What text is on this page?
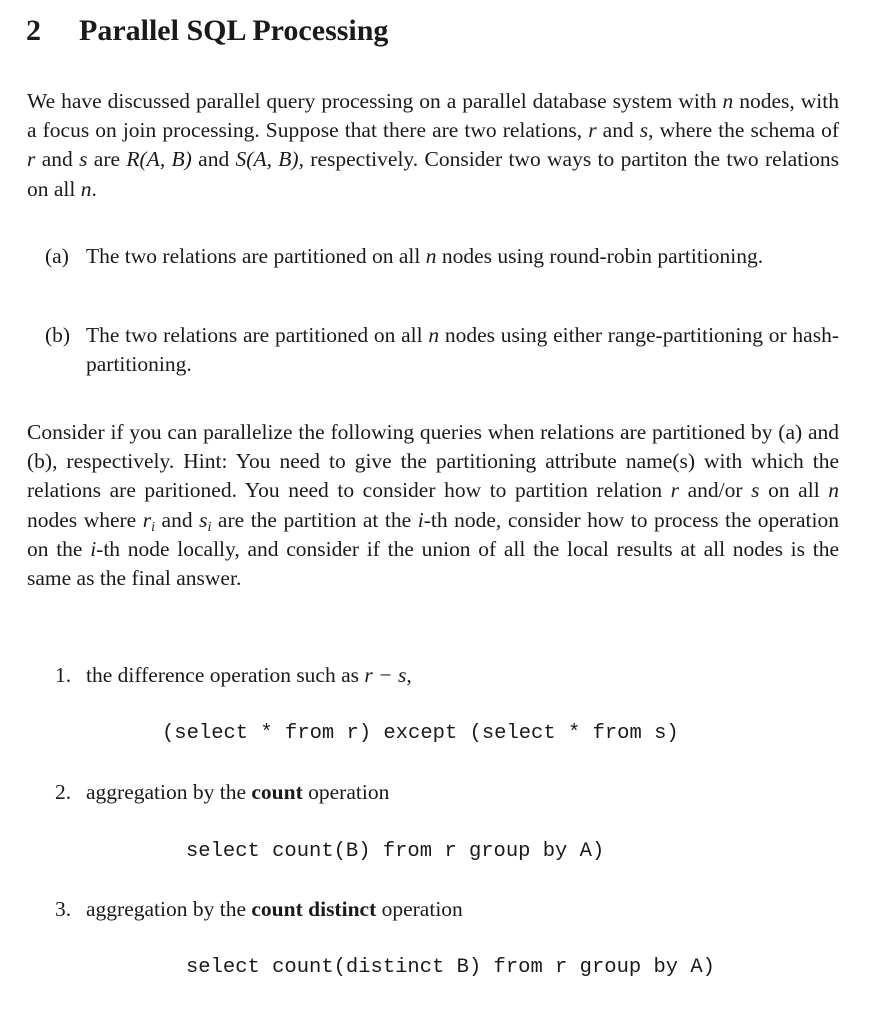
2 Parallel SQL Processing

We have discussed parallel query processing on a parallel database system with n nodes, with a focus on join processing. Suppose that there are two relations, r and s, where the schema of r and s are R(A, B) and S(A, B), respectively. Consider two ways to partiton the two relations on all n.

(a) The two relations are partitioned on all n nodes using round-robin partitioning.
(b) The two relations are partitioned on all n nodes using either range-partitioning or hash-partitioning.

Consider if you can parallelize the following queries when relations are partitioned by (a) and (b), respectively. Hint: You need to give the partitioning attribute name(s) with which the relations are paritioned. You need to consider how to partition relation r and/or s on all n nodes where $r_i$ and $s_i$ are the partition at the i-th node, consider how to process the operation on the i-th node locally, and consider if the union of all the local results at all nodes is the same as the final answer.

1. the difference operation such as r − s,
2. aggregation by the count operation
3. aggregation by the count distinct operation
(select * from r) except (select * from s)
select count(B) from r group by A)
select count(distinct B) from r group by A)
